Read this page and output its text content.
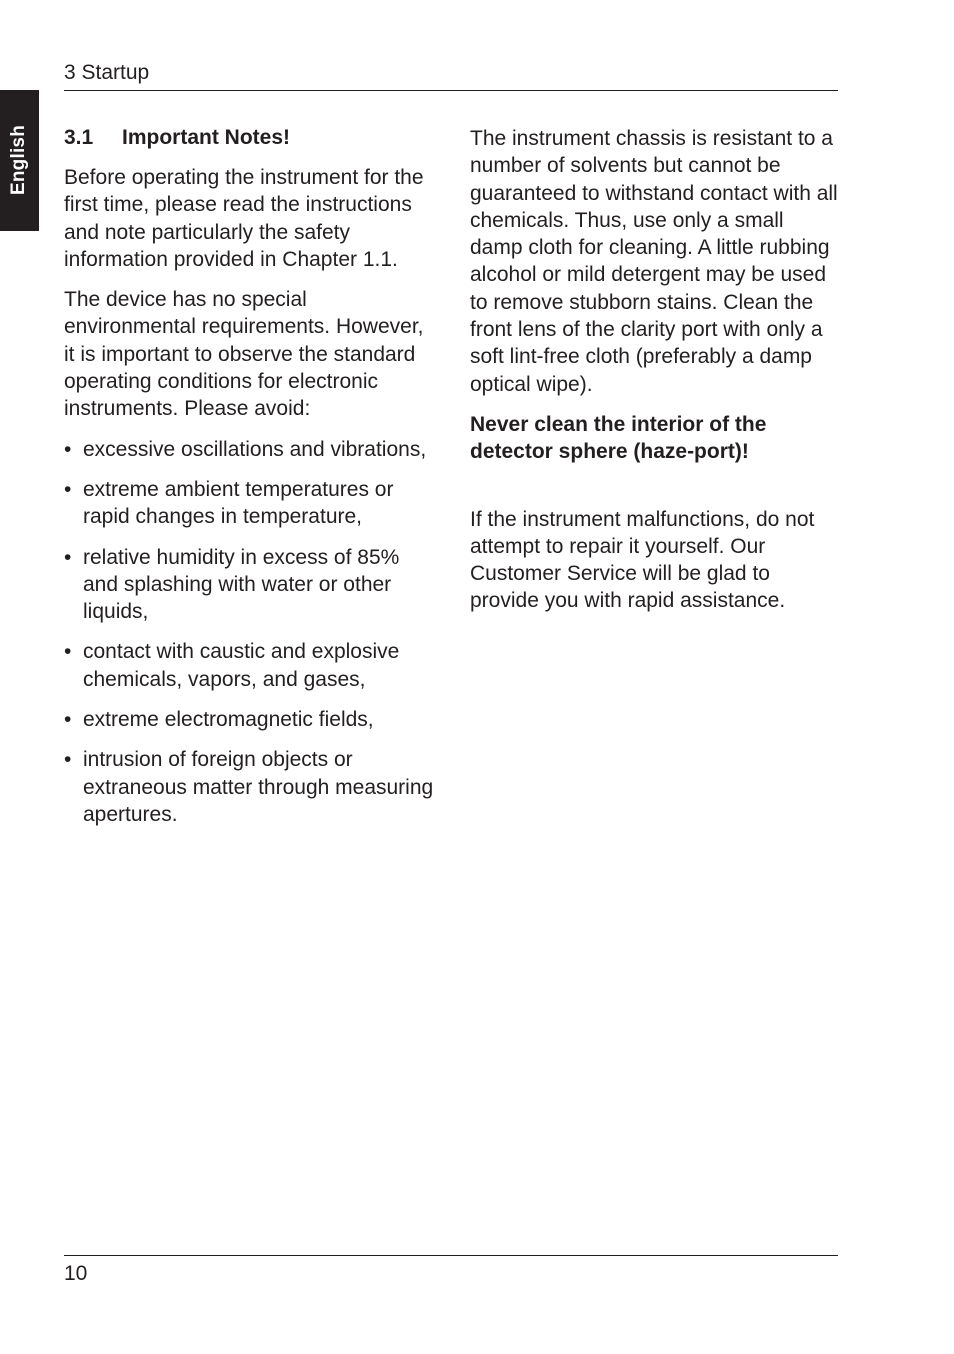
English
3 Startup
3.1 Important Notes!

Before operating the instrument for the first time, please read the instructions and note particularly the safety information provided in Chapter 1.1.

The device has no special environmental requirements. However, it is important to observe the standard operating conditions for electronic instruments. Please avoid:

• excessive oscillations and vibrations,
• extreme ambient temperatures or rapid changes in temperature,
• relative humidity in excess of 85% and splashing with water or other liquids,
• contact with caustic and explosive chemicals, vapors, and gases,
• extreme electromagnetic fields,
• intrusion of foreign objects or extraneous matter through measuring apertures.

The instrument chassis is resistant to a number of solvents but cannot be guaranteed to withstand contact with all chemicals. Thus, use only a small damp cloth for cleaning. A little rubbing alcohol or mild detergent may be used to remove stubborn stains. Clean the front lens of the clarity port with only a soft lint-free cloth (preferably a damp optical wipe).

Never clean the interior of the detector sphere (haze-port)!

If the instrument malfunctions, do not attempt to repair it yourself. Our Customer Service will be glad to provide you with rapid assistance.

10
